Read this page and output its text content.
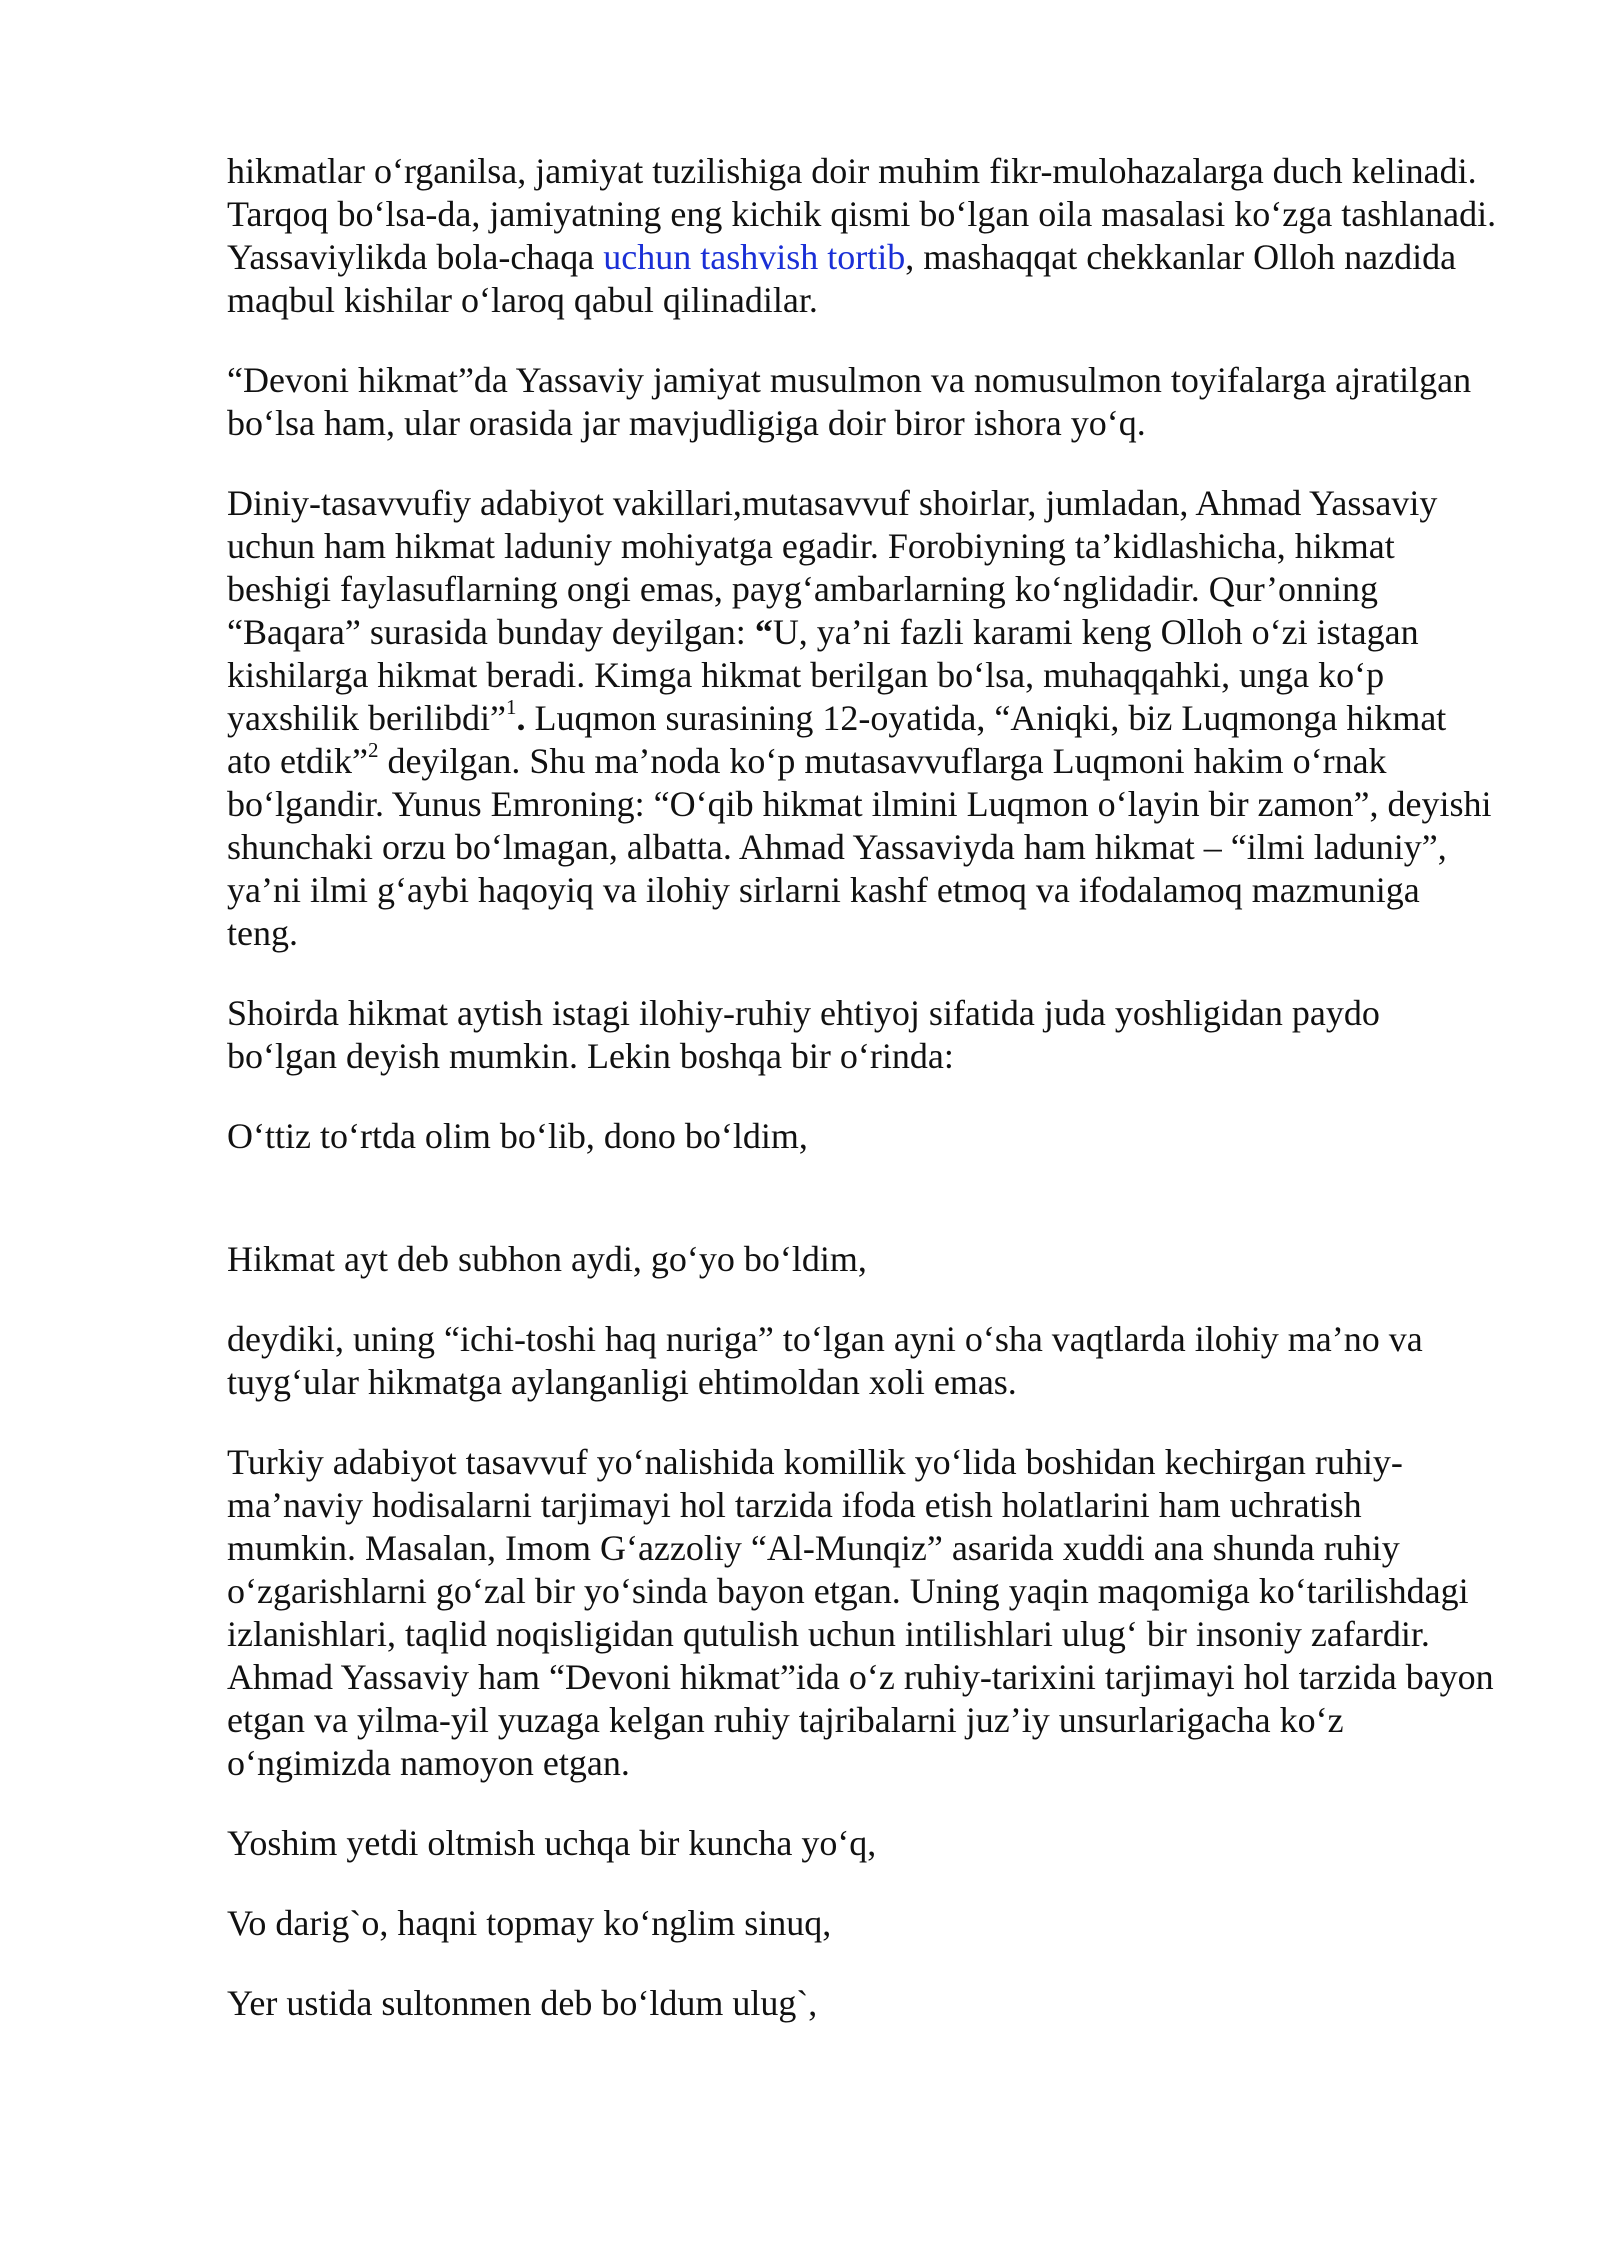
hikmatlar oʻrganilsa, jamiyat tuzilishiga doir muhim fikr-mulohazalarga duch kelinadi. Tarqoq boʻlsa-da, jamiyatning eng kichik qismi boʻlgan oila masalasi koʻzga tashlanadi. Yassaviylikda bola-chaqa uchun tashvish tortib, mashaqqat chekkanlar Olloh nazdida maqbul kishilar oʻlaroq qabul qilinadilar.

“Devoni hikmat”da Yassaviy jamiyat musulmon va nomusulmon toyifalarga ajratilgan boʻlsa ham, ular orasida jar mavjudligiga doir biror ishora yoʻq.

Diniy-tasavvufiy adabiyot vakillari,mutasavvuf shoirlar, jumladan, Ahmad Yassaviy uchun ham hikmat laduniy mohiyatga egadir. Forobiyning ta’kidlashicha, hikmat beshigi faylasuflarning ongi emas, paygʻambarlarning koʻnglidadir. Qur’onning “Baqara” surasida bunday deyilgan: “U, ya’ni fazli karami keng Olloh oʻzi istagan kishilarga hikmat beradi. Kimga hikmat berilgan boʻlsa, muhaqqahki, unga koʻp yaxshilik berilibdi”$^1$. Luqmon surasining 12-oyatida, “Aniqki, biz Luqmonga hikmat ato etdik”$^2$ deyilgan. Shu ma’noda koʻp mutasavvuflarga Luqmoni hakim oʻrnak boʻlgandir. Yunus Emroning: “Oʻqib hikmat ilmini Luqmon oʻlayin bir zamon”, deyishi shunchaki orzu boʻlmagan, albatta. Ahmad Yassaviyda ham hikmat – “ilmi laduniy”, ya’ni ilmi gʻaybi haqoyiq va ilohiy sirlarni kashf etmoq va ifodalamoq mazmuniga teng.

Shoirda hikmat aytish istagi ilohiy-ruhiy ehtiyoj sifatida juda yoshligidan paydo boʻlgan deyish mumkin. Lekin boshqa bir oʻrinda:

Oʻttiz toʻrtda olim boʻlib, dono boʻldim,

Hikmat ayt deb subhon aydi, goʻyo boʻldim,

deydiki, uning “ichi-toshi haq nuriga” toʻlgan ayni oʻsha vaqtlarda ilohiy ma’no va tuygʻular hikmatga aylanganligi ehtimoldan xoli emas.

Turkiy adabiyot tasavvuf yoʻnalishida komillik yoʻlida boshidan kechirgan ruhiy-ma’naviy hodisalarni tarjimayi hol tarzida ifoda etish holatlarini ham uchratish mumkin. Masalan, Imom Gʻazzoliy “Al-Munqiz” asarida xuddi ana shunda ruhiy oʻzgarishlarni goʻzal bir yoʻsinda bayon etgan. Uning yaqin maqomiga koʻtarilishdagi izlanishlari, taqlid noqisligidan qutulish uchun intilishlari ulugʻ bir insoniy zafardir. Ahmad Yassaviy ham “Devoni hikmat”ida oʻz ruhiy-tarixini tarjimayi hol tarzida bayon etgan va yilma-yil yuzaga kelgan ruhiy tajribalarni juz’iy unsurlarigacha koʻz oʻngimizda namoyon etgan.

Yoshim yetdi oltmish uchqa bir kuncha yoʻq,

Vo darig`o, haqni topmay koʻnglim sinuq,

Yer ustida sultonmen deb boʻldum ulug`,
